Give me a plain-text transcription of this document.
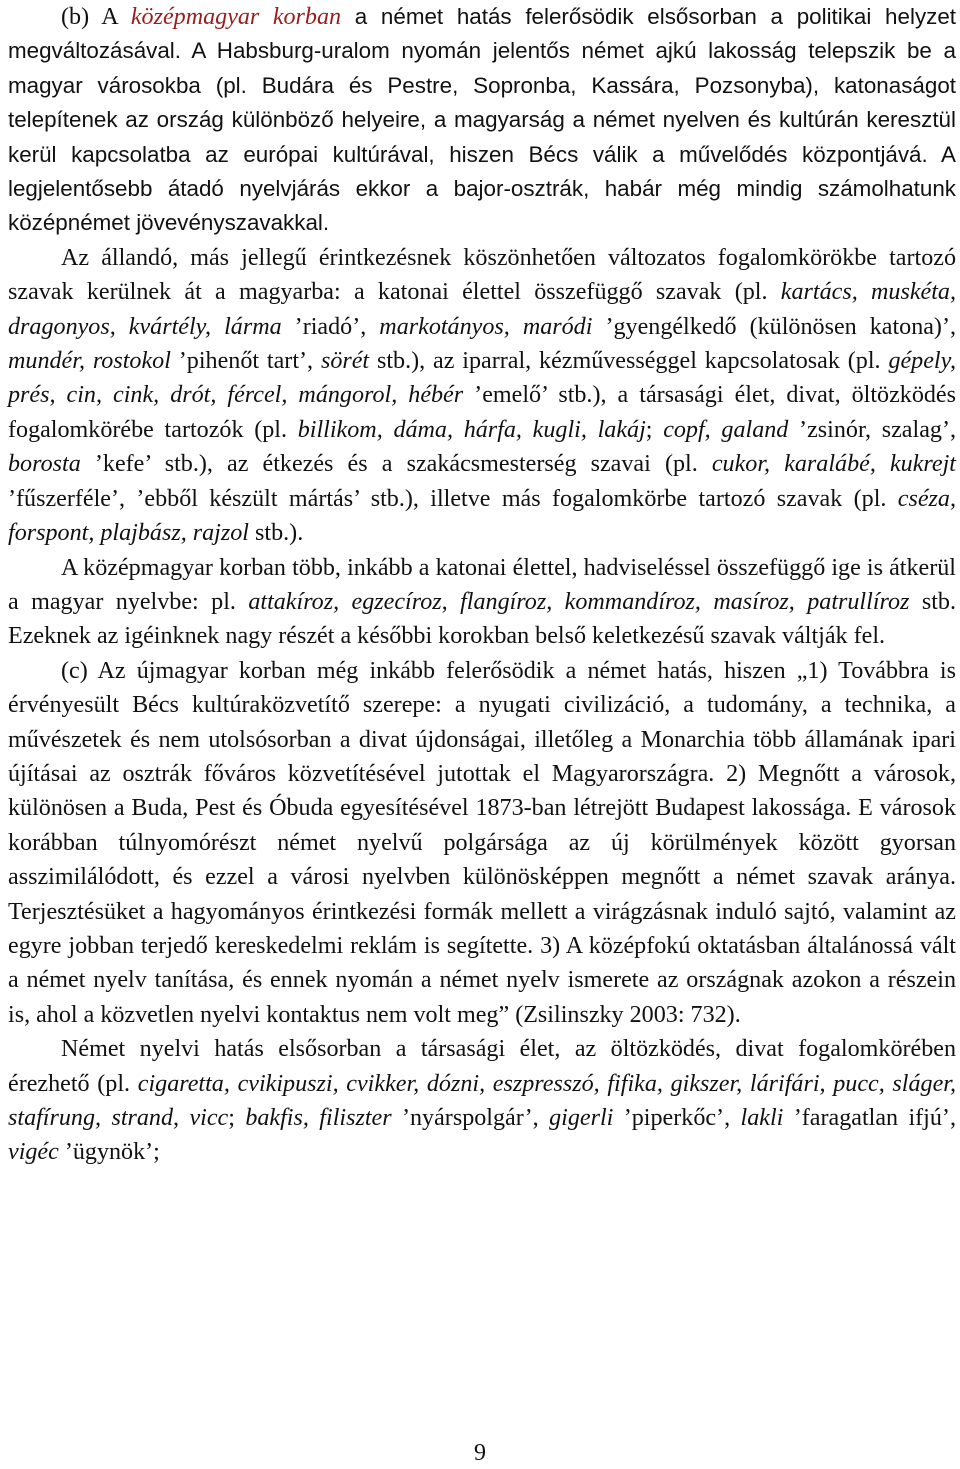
(b) A középmagyar korban a német hatás felerősödik elsősorban a politikai helyzet megváltozásával. A Habsburg-uralom nyomán jelentős német ajkú lakosság telepszik be a magyar városokba (pl. Budára és Pestre, Sopronba, Kassára, Pozsonyba), katonaságot telepítenek az ország különböző helyeire, a magyarság a német nyelven és kultúrán keresztül kerül kapcsolatba az európai kultúrával, hiszen Bécs válik a művelődés központjává. A legjelentősebb átadó nyelvjárás ekkor a bajor-osztrák, habár még mindig számolhatunk középnémet jövevényszavakkal.

Az állandó, más jellegű érintkezésnek köszönhetően változatos fogalomkörökbe tartozó szavak kerülnek át a magyarba: a katonai élettel összefüggő szavak (pl. kartács, muskéta, dragonyos, kvártély, lárma ’riadó’, markotányos, maródi ’gyengélkedő (különösen katona)’, mundér, rostokol ’pihenőt tart’, sörét stb.), az iparral, kézművességgel kapcsolatosak (pl. gépely, prés, cin, cink, drót, fércel, mángorol, hébér ’emelő’ stb.), a társasági élet, divat, öltözködés fogalomkörébe tartozók (pl. billikom, dáma, hárfa, kugli, lakáj; copf, galand ’zsinór, szalag’, borosta ’kefe’ stb.), az étkezés és a szakácsmesterség szavai (pl. cukor, karalábé, kukrejt ’fűszerféle’, ’ebből készült mártás’ stb.), illetve más fogalomkörbe tartozó szavak (pl. cséza, forspont, plajbász, rajzol stb.).

A középmagyar korban több, inkább a katonai élettel, hadviseléssel összefüggő ige is átkerül a magyar nyelvbe: pl. attakíroz, egzecíroz, flangíroz, kommandíroz, masíroz, patrullíroz stb. Ezeknek az igéinknek nagy részét a későbbi korokban belső keletkezésű szavak váltják fel.

(c) Az újmagyar korban még inkább felerősödik a német hatás, hiszen „1) Továbbra is érvényesült Bécs kultúraközvetítő szerepe: a nyugati civilizáció, a tudomány, a technika, a művészetek és nem utolsósorban a divat újdonságai, illetőleg a Monarchia több államának ipari újításai az osztrák főváros közvetítésével jutottak el Magyarországra. 2) Megnőtt a városok, különösen a Buda, Pest és Óbuda egyesítésével 1873-ban létrejött Budapest lakossága. E városok korábban túlnyomórészt német nyelvű polgársága az új körülmények között gyorsan asszimilálódott, és ezzel a városi nyelvben különösképpen megnőtt a német szavak aránya. Terjesztésüket a hagyományos érintkezési formák mellett a virágzásnak induló sajtó, valamint az egyre jobban terjedő kereskedelmi reklám is segítette. 3) A középfokú oktatásban általánossá vált a német nyelv tanítása, és ennek nyomán a német nyelv ismerete az országnak azokon a részein is, ahol a közvetlen nyelvi kontaktus nem volt meg” (Zsilinszky 2003: 732).

Német nyelvi hatás elsősorban a társasági élet, az öltözködés, divat fogalomkörében érezhető (pl. cigaretta, cvikipuszi, cvikker, dózni, eszpresszó, fifika, gikszer, lárifári, pucc, sláger, stafírung, strand, vicc; bakfis, filiszter ’nyárspolgár’, gigerli ’piperkőc’, lakli ’faragatlan ifjú’, vigéc ’ügynök’;

9
